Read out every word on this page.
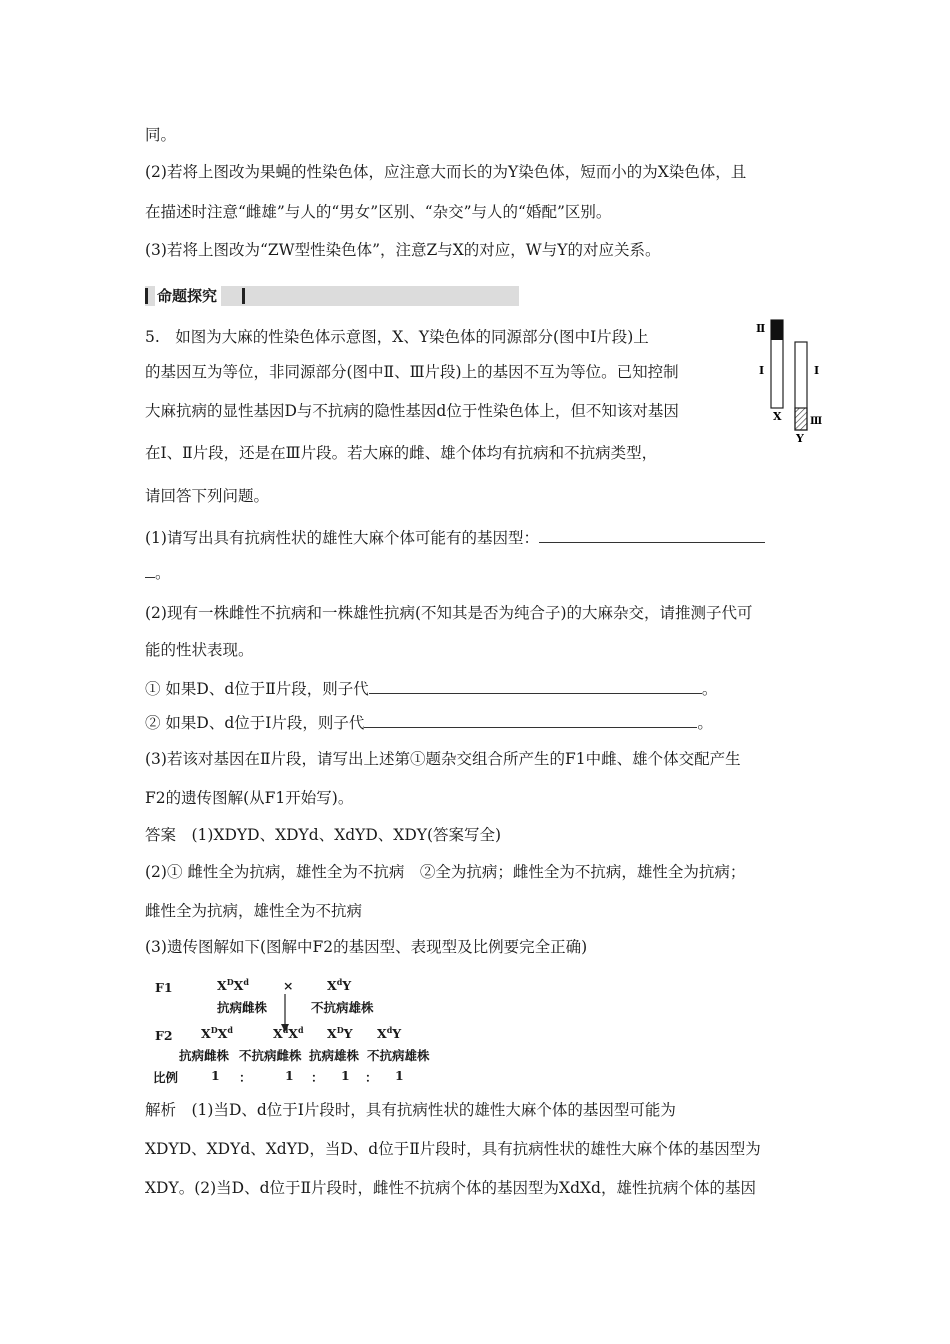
同。
(2)若将上图改为果蝇的性染色体，应注意大而长的为Y染色体，短而小的为X染色体，且
在描述时注意“雌雄”与人的“男女”区别、“杂交”与人的“婚配”区别。
(3)若将上图改为“ZW型性染色体”，注意Z与X的对应，W与Y的对应关系。
命题探究
5.　如图为大麻的性染色体示意图，X、Y染色体的同源部分(图中Ⅰ片段)上
的基因互为等位，非同源部分(图中Ⅱ、Ⅲ片段)上的基因不互为等位。已知控制
大麻抗病的显性基因D与不抗病的隐性基因d位于性染色体上，但不知该对基因
在Ⅰ、Ⅱ片段，还是在Ⅲ片段。若大麻的雌、雄个体均有抗病和不抗病类型，
请回答下列问题。
Ⅱ
Ⅰ	Ⅰ
Ⅲ
X
Y
(1)请写出具有抗病性状的雄性大麻个体可能有的基因型：
。
(2)现有一株雌性不抗病和一株雄性抗病(不知其是否为纯合子)的大麻杂交，请推测子代可
能的性状表现。
① 如果D、d位于Ⅱ片段，则子代	。
② 如果D、d位于Ⅰ片段，则子代	。
(3)若该对基因在Ⅱ片段，请写出上述第①题杂交组合所产生的F1中雌、雄个体交配产生
F2的遗传图解(从F1开始写)。
答案　(1)XDYD、XDYd、XdYD、XDY(答案写全)
(2)① 雌性全为抗病，雄性全为不抗病　②全为抗病；雌性全为不抗病，雄性全为抗病；
雌性全为抗病，雄性全为不抗病
(3)遗传图解如下(图解中F2的基因型、表现型及比例要完全正确)
F1	$X^DX^d$	×	$X^dY$
抗病雌株	不抗病雄株
F2 $X^DX^d$	$X^dX^d$ $X^DY$ $X^dY$
抗病雌株 不抗病雌株 抗病雄株 不抗病雄株
比例	1 ：	1 ： 1 ： 1
解析　(1)当D、d位于Ⅰ片段时，具有抗病性状的雄性大麻个体的基因型可能为
XDYD、XDYd、XdYD，当D、d位于Ⅱ片段时，具有抗病性状的雄性大麻个体的基因型为
XDY。(2)当D、d位于Ⅱ片段时，雌性不抗病个体的基因型为XdXd，雄性抗病个体的基因
